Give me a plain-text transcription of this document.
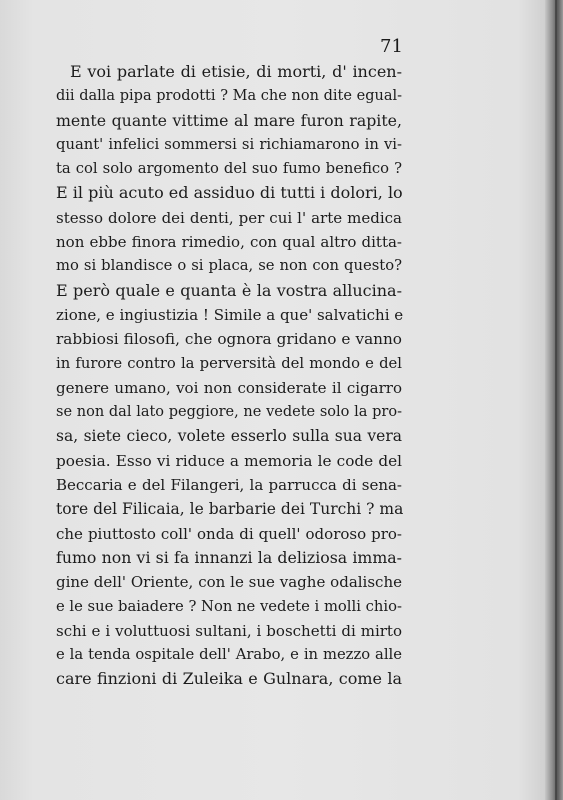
71

E voi parlate di etisie, di morti, d' incen-
dii dalla pipa prodotti ? Ma che non dite egual-
mente quante vittime al mare furon rapite,
quant' infelici sommersi si richiamarono in vi-
ta col solo argomento del suo fumo benefico ?
E il più acuto ed assiduo di tutti i dolori, lo
stesso dolore dei denti, per cui l' arte medica
non ebbe finora rimedio, con qual altro ditta-
mo si blandisce o si placa, se non con questo?
E però quale e quanta è la vostra allucina-
zione, e ingiustizia ! Simile a que' salvatichi e
rabbiosi filosofi, che ognora gridano e vanno
in furore contro la perversità del mondo e del
genere umano, voi non considerate il cigarro
se non dal lato peggiore, ne vedete solo la pro-
sa, siete cieco, volete esserlo sulla sua vera
poesia. Esso vi riduce a memoria le code del
Beccaria e del Filangeri, la parrucca di sena-
tore del Filicaia, le barbarie dei Turchi ? ma
che piuttosto coll' onda di quell' odoroso pro-
fumo non vi si fa innanzi la deliziosa imma-
gine dell' Oriente, con le sue vaghe odalische
e le sue baiadere ? Non ne vedete i molli chio-
schi e i voluttuosi sultani, i boschetti di mirto
e la tenda ospitale dell' Arabo, e in mezzo alle
care finzioni di Zuleika e Gulnara, come la
